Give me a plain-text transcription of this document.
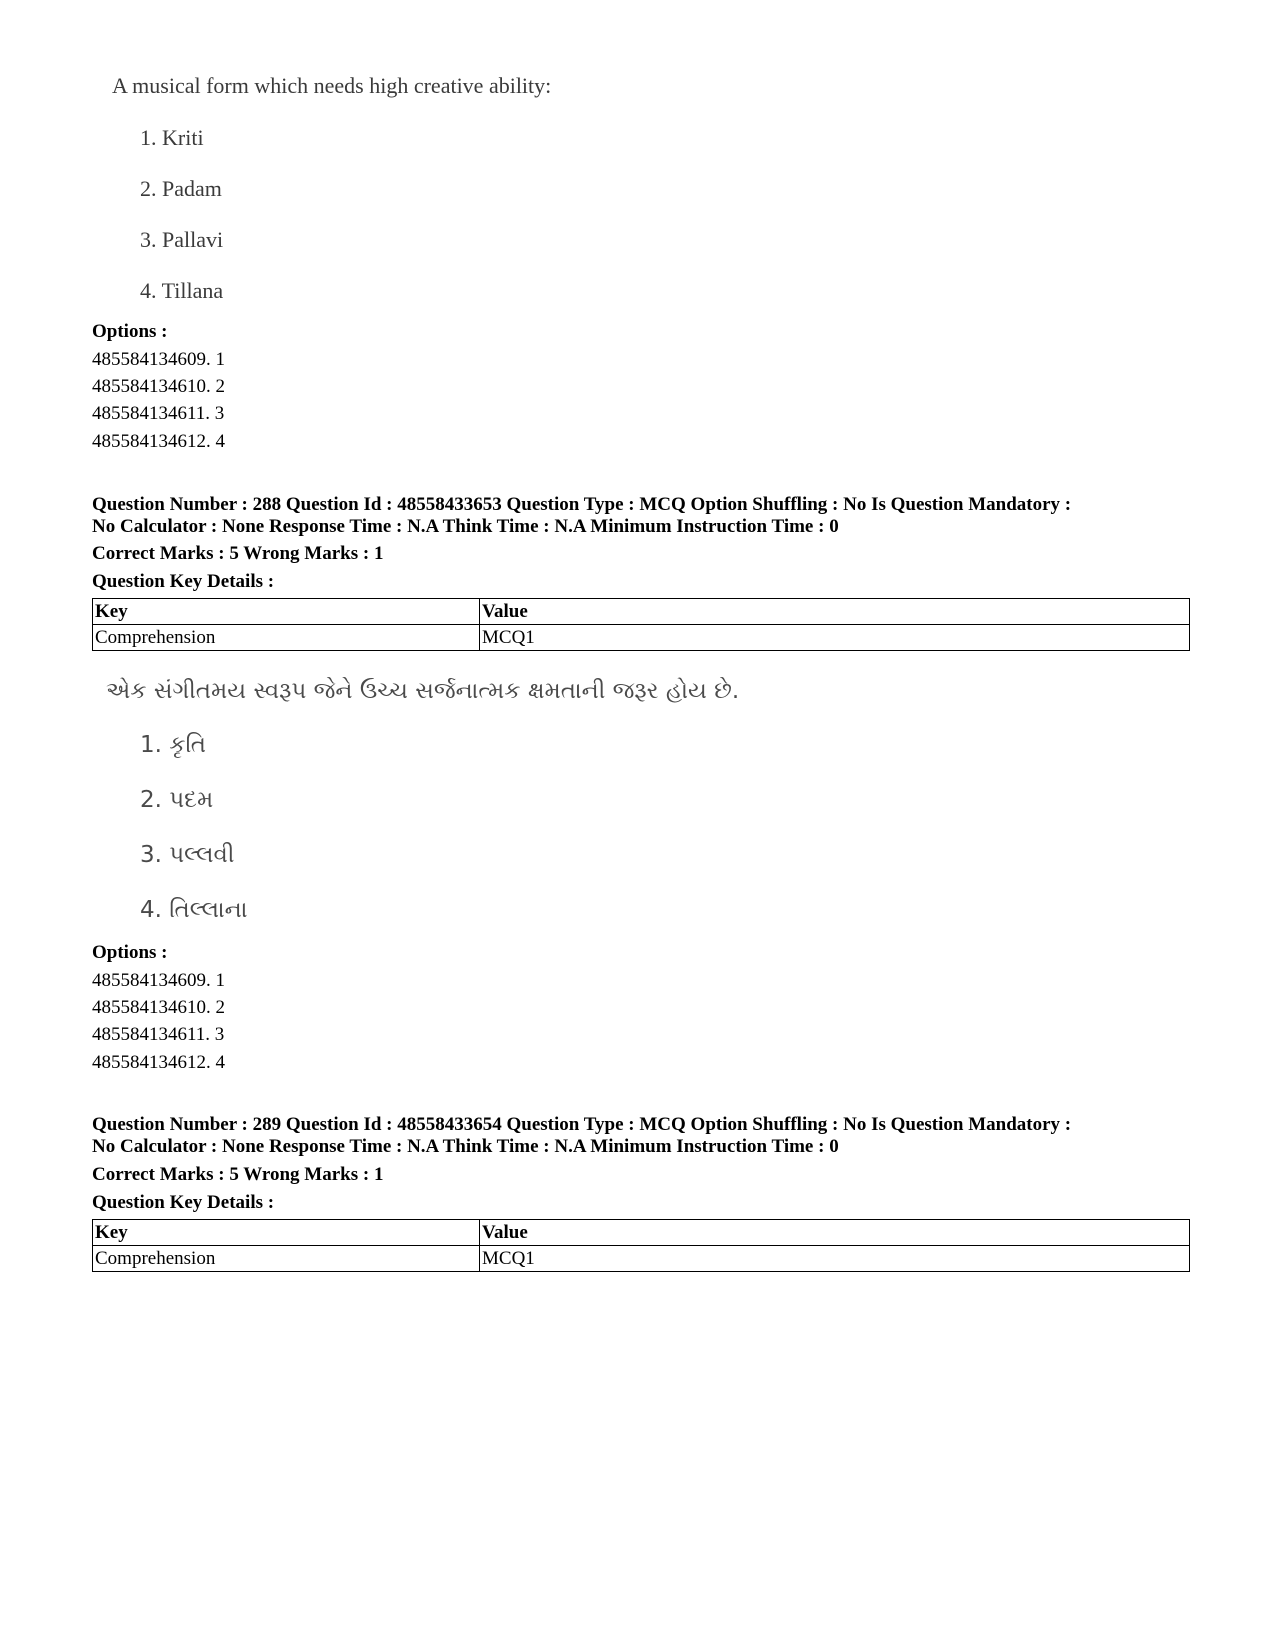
A musical form which needs high creative ability:
1. Kriti
2. Padam
3. Pallavi
4. Tillana
Options :
485584134609. 1
485584134610. 2
485584134611. 3
485584134612. 4
Question Number : 288 Question Id : 48558433653 Question Type : MCQ Option Shuffling : No Is Question Mandatory :
No Calculator : None Response Time : N.A Think Time : N.A Minimum Instruction Time : 0
Correct Marks : 5 Wrong Marks : 1
Question Key Details :
Key	Value
Comprehension	MCQ1
એક સંગીતમય સ્વરૂપ જેને ઉચ્ચ સર્જનાત્મક ક્ષમતાની જરૂર હોય છે.
1. કૃતિ
2. પદમ
3. પલ્લવી
4. તિલ્લાના
Options :
485584134609. 1
485584134610. 2
485584134611. 3
485584134612. 4
Question Number : 289 Question Id : 48558433654 Question Type : MCQ Option Shuffling : No Is Question Mandatory :
No Calculator : None Response Time : N.A Think Time : N.A Minimum Instruction Time : 0
Correct Marks : 5 Wrong Marks : 1
Question Key Details :
Key	Value
Comprehension	MCQ1
